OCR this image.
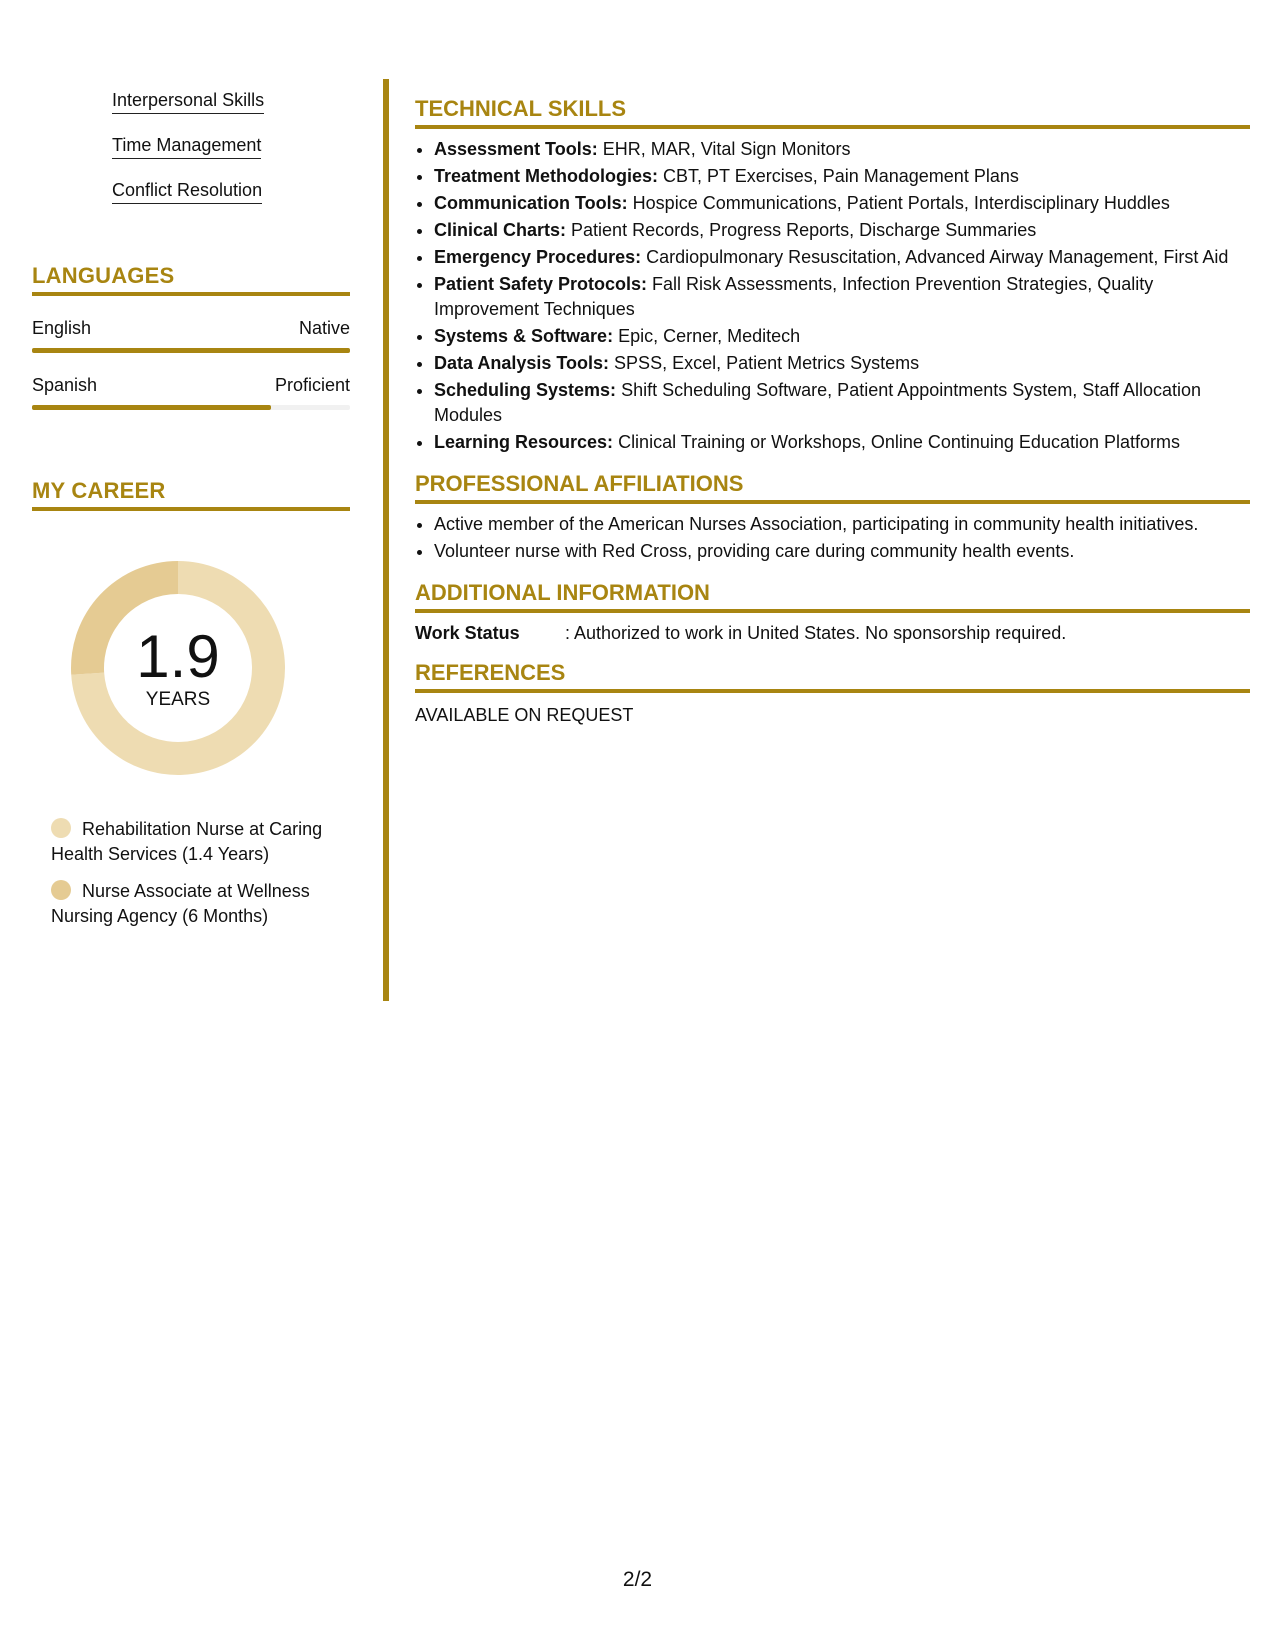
Interpersonal Skills
Time Management
Conflict Resolution
LANGUAGES
English	Native
Spanish	Proficient
MY CAREER
1.9
YEARS
Rehabilitation Nurse at Caring Health Services (1.4 Years)
Nurse Associate at Wellness Nursing Agency (6 Months)
TECHNICAL SKILLS
• Assessment Tools: EHR, MAR, Vital Sign Monitors
• Treatment Methodologies: CBT, PT Exercises, Pain Management Plans
• Communication Tools: Hospice Communications, Patient Portals, Interdisciplinary Huddles
• Clinical Charts: Patient Records, Progress Reports, Discharge Summaries
• Emergency Procedures: Cardiopulmonary Resuscitation, Advanced Airway Management, First Aid
• Patient Safety Protocols: Fall Risk Assessments, Infection Prevention Strategies, Quality Improvement Techniques
• Systems & Software: Epic, Cerner, Meditech
• Data Analysis Tools: SPSS, Excel, Patient Metrics Systems
• Scheduling Systems: Shift Scheduling Software, Patient Appointments System, Staff Allocation Modules
• Learning Resources: Clinical Training or Workshops, Online Continuing Education Platforms
PROFESSIONAL AFFILIATIONS
• Active member of the American Nurses Association, participating in community health initiatives.
• Volunteer nurse with Red Cross, providing care during community health events.
ADDITIONAL INFORMATION
Work Status	: Authorized to work in United States. No sponsorship required.
REFERENCES
AVAILABLE ON REQUEST
2/2
